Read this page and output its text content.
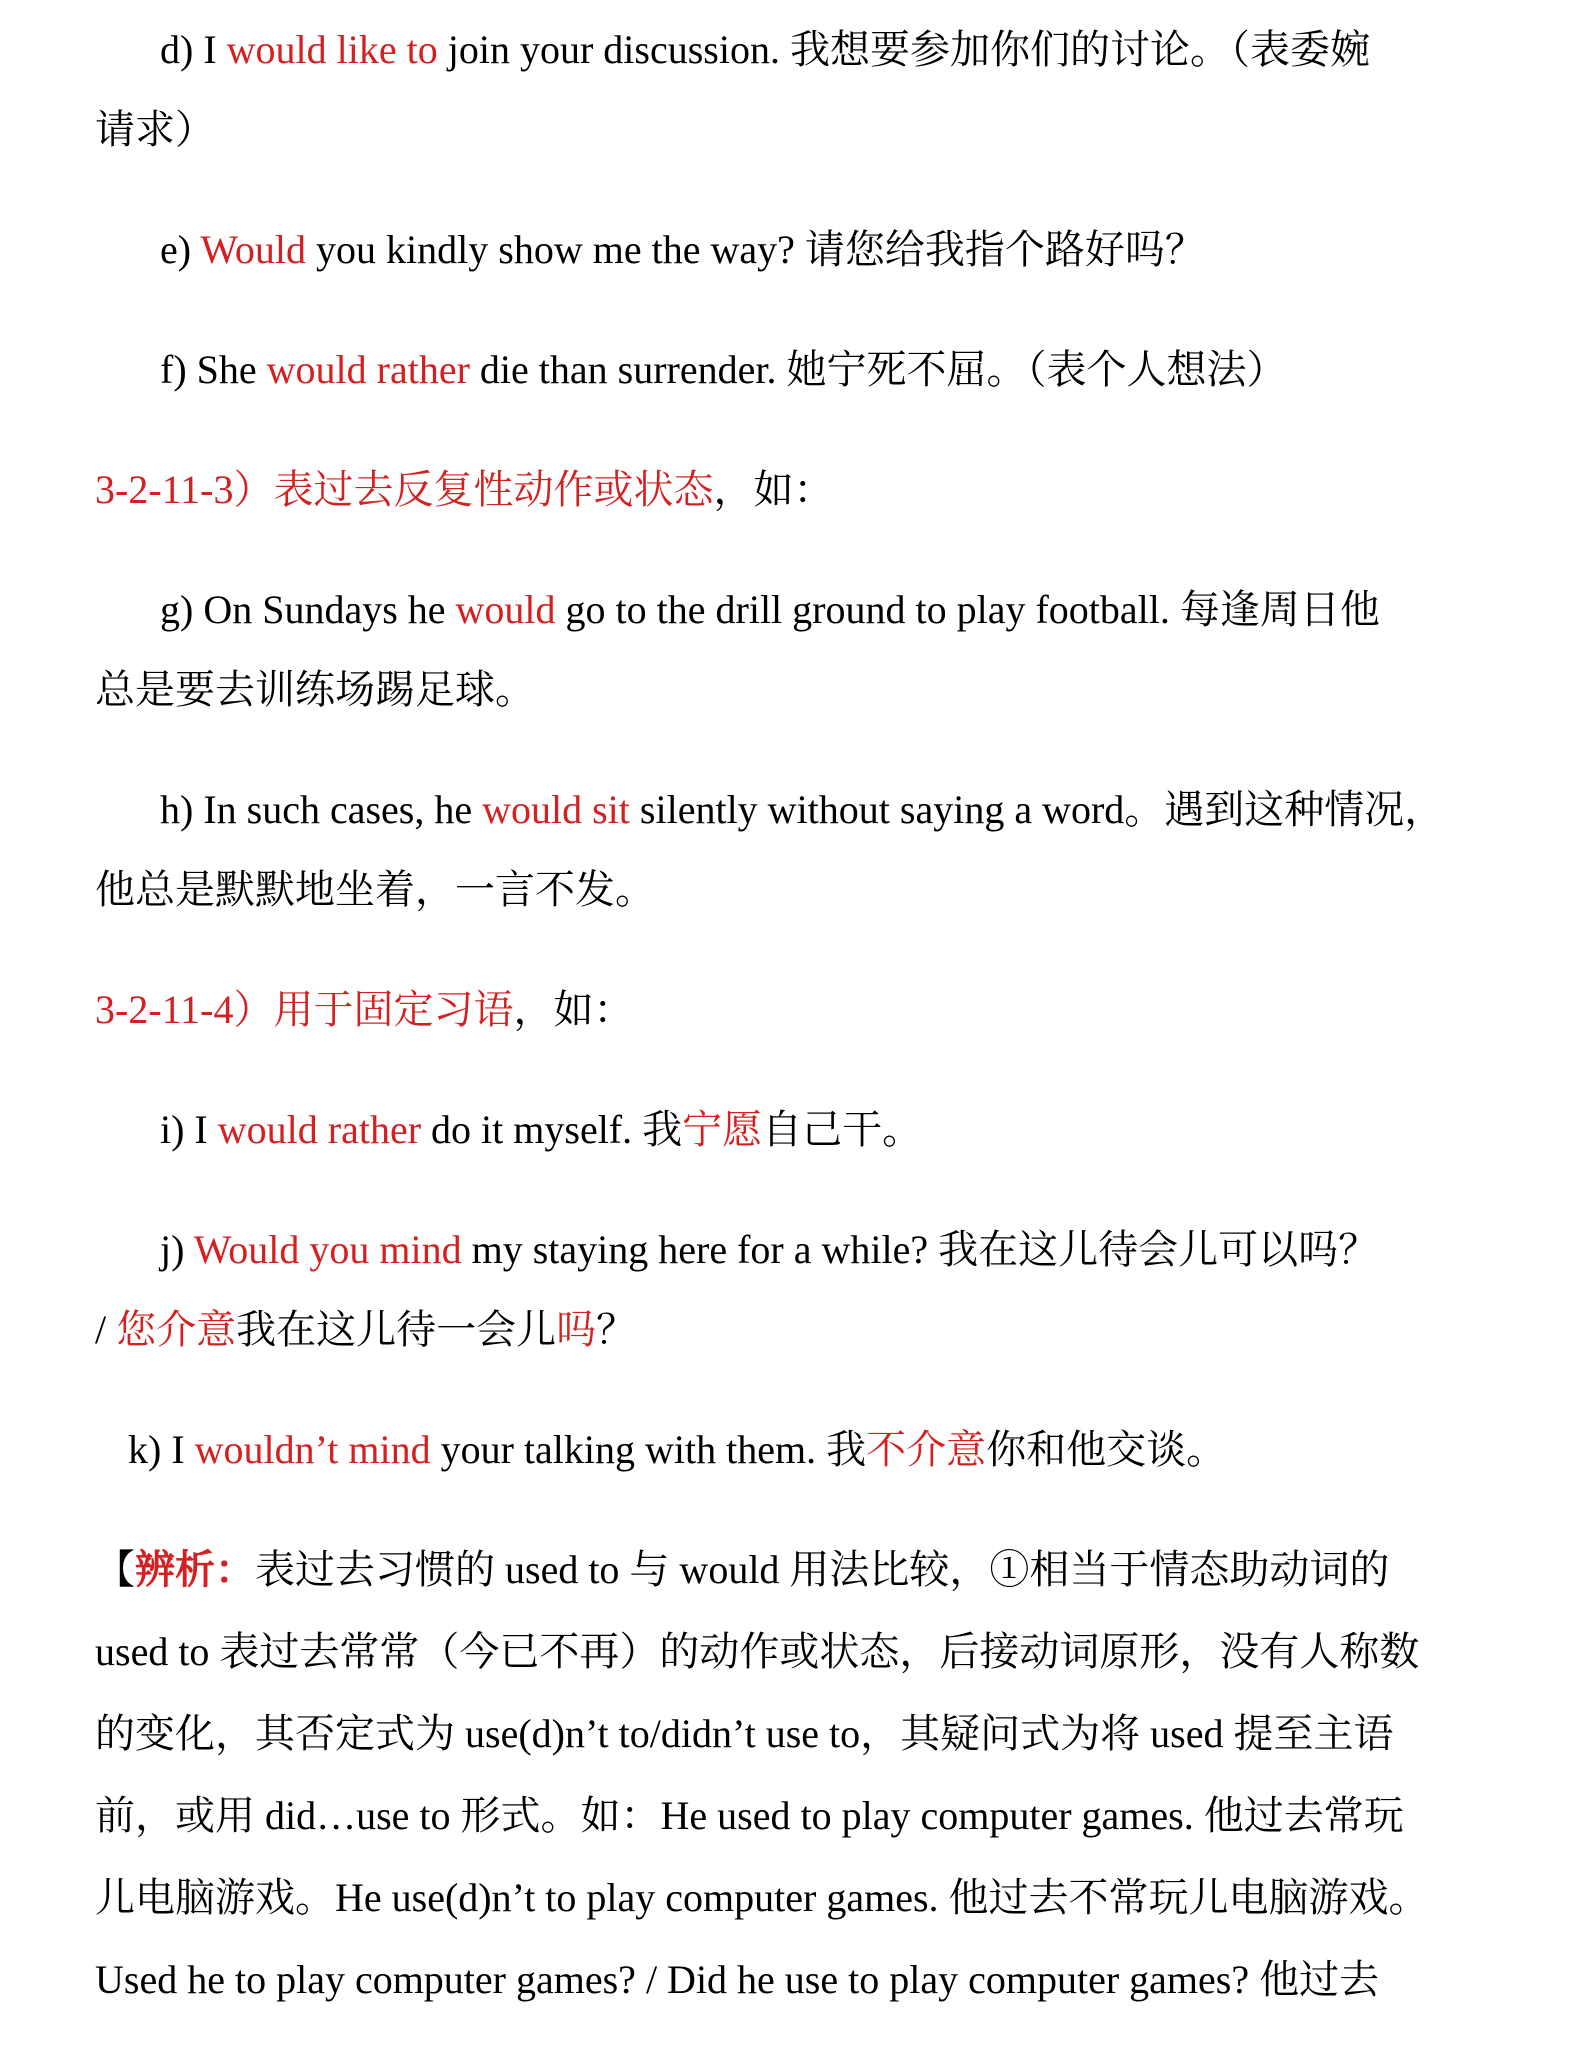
d) I would like to join your discussion. 我想要参加你们的讨论。（表委婉
请求）
e) Would you kindly show me the way? 请您给我指个路好吗？
f) She would rather die than surrender. 她宁死不屈。（表个人想法）
3-2-11-3）表过去反复性动作或状态，如：
g) On Sundays he would go to the drill ground to play football. 每逢周日他
总是要去训练场踢足球。
h) In such cases, he would sit silently without saying a word。遇到这种情况，
他总是默默地坐着，一言不发。
3-2-11-4）用于固定习语，如：
i) I would rather do it myself. 我宁愿自己干。
j) Would you mind my staying here for a while? 我在这儿待会儿可以吗？
/ 您介意我在这儿待一会儿吗？
k) I wouldn’t mind your talking with them. 我不介意你和他交谈。
【辨析：表过去习惯的 used to 与 would 用法比较，①相当于情态助动词的
used to 表过去常常（今已不再）的动作或状态，后接动词原形，没有人称数
的变化，其否定式为 use(d)n’t to/didn’t use to，其疑问式为将 used 提至主语
前，或用 did…use to 形式。如：He used to play computer games. 他过去常玩
儿电脑游戏。He use(d)n’t to play computer games. 他过去不常玩儿电脑游戏。
Used he to play computer games? / Did he use to play computer games? 他过去
